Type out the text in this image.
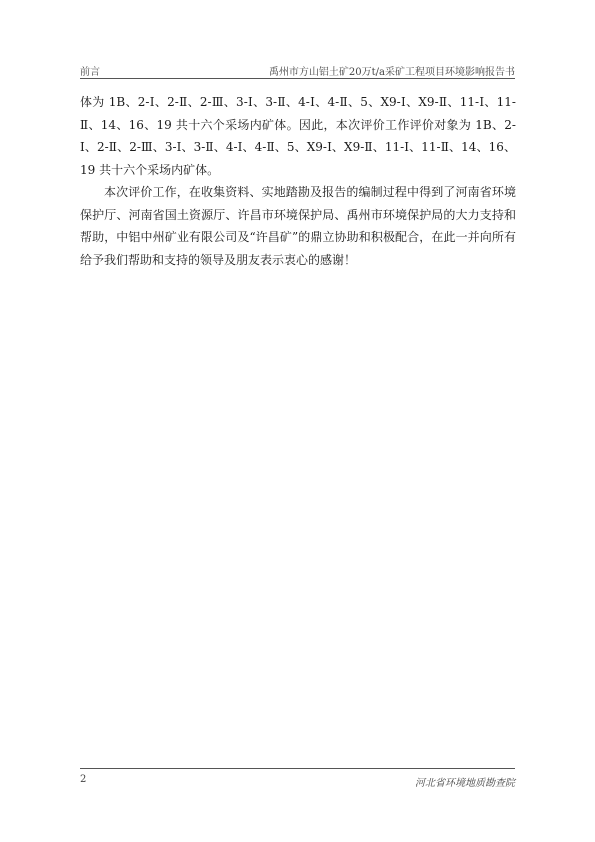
前言	禹州市方山铝土矿20万t/a采矿工程项目环境影响报告书

体为 1B、2-Ⅰ、2-Ⅱ、2-Ⅲ、3-Ⅰ、3-Ⅱ、4-Ⅰ、4-Ⅱ、5、X9-Ⅰ、X9-Ⅱ、11-Ⅰ、11-Ⅱ、14、16、19 共十六个采场内矿体。因此，本次评价工作评价对象为 1B、2-Ⅰ、2-Ⅱ、2-Ⅲ、3-Ⅰ、3-Ⅱ、4-Ⅰ、4-Ⅱ、5、X9-Ⅰ、X9-Ⅱ、11-Ⅰ、11-Ⅱ、14、16、19 共十六个采场内矿体。

本次评价工作，在收集资料、实地踏勘及报告的编制过程中得到了河南省环境保护厅、河南省国土资源厅、许昌市环境保护局、禹州市环境保护局的大力支持和帮助，中铝中州矿业有限公司及“许昌矿”的鼎立协助和积极配合，在此一并向所有给予我们帮助和支持的领导及朋友表示衷心的感谢！

2	河北省环境地质勘查院
